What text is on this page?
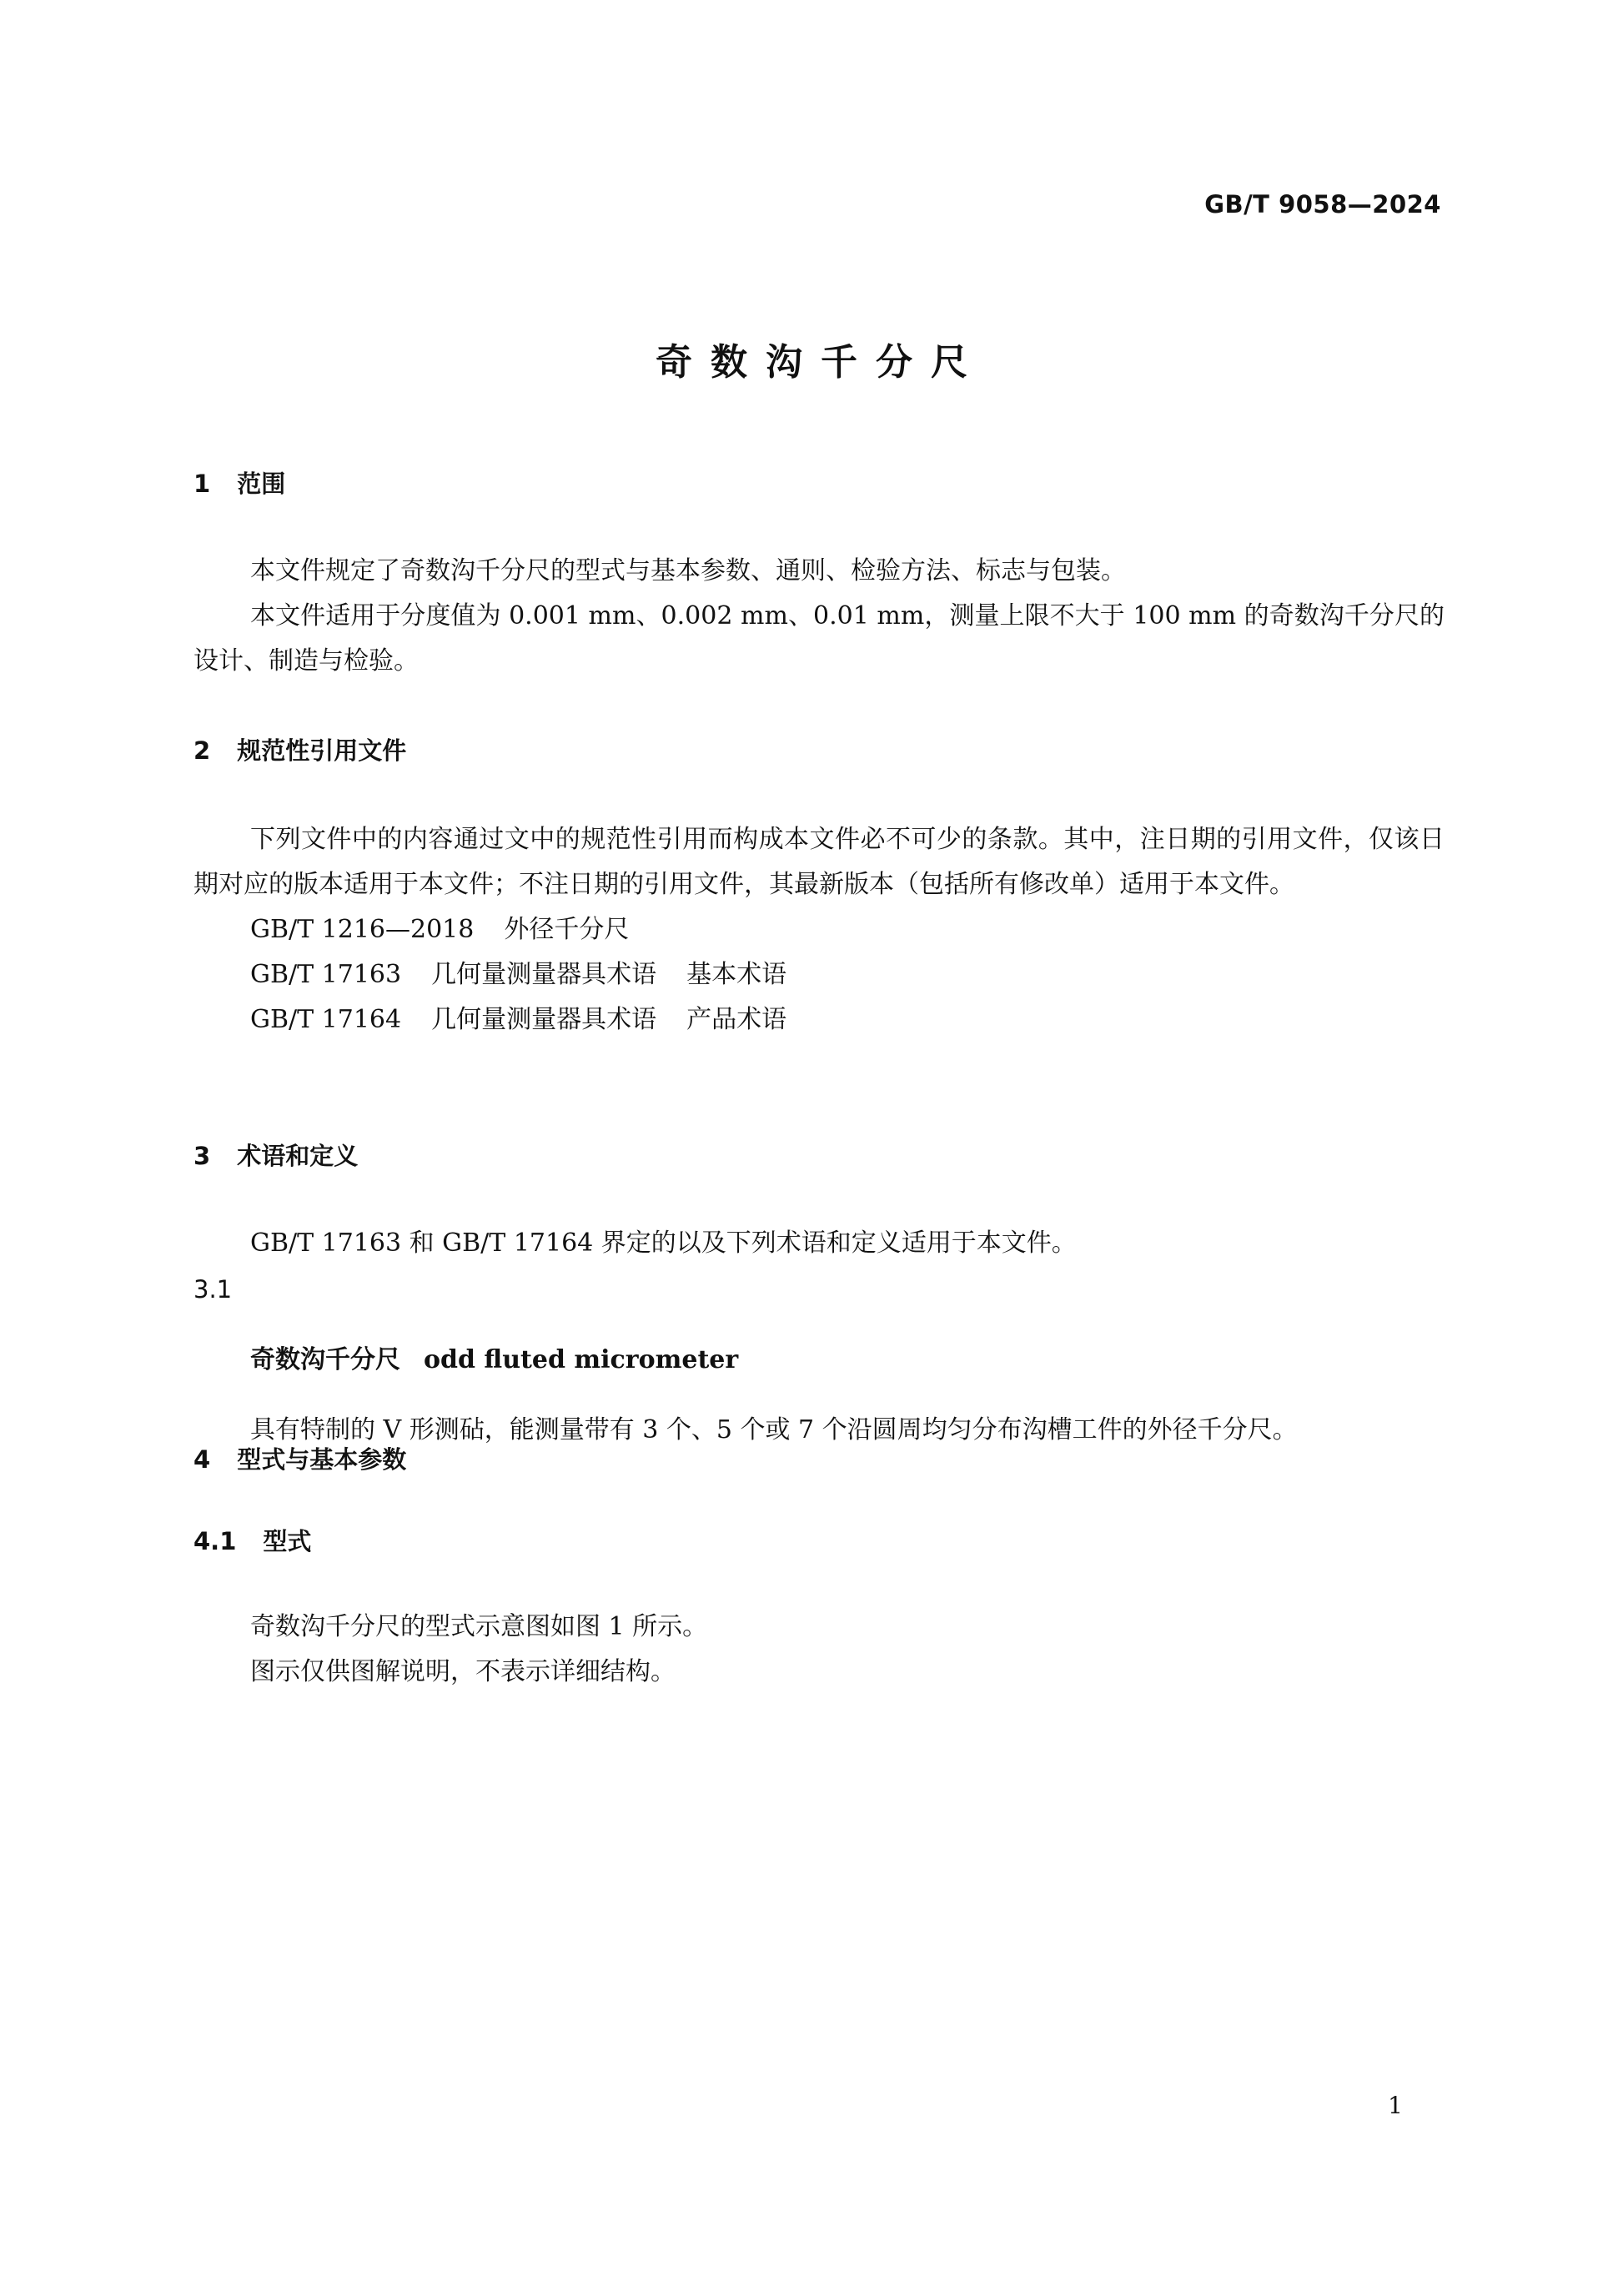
GB/T 9058—2024

奇数沟千分尺
1 范围

本文件规定了奇数沟千分尺的型式与基本参数、通则、检验方法、标志与包装。

本文件适用于分度值为 0.001 mm、0.002 mm、0.01 mm，测量上限不大于 100 mm 的奇数沟千分尺的设计、制造与检验。

2 规范性引用文件

下列文件中的内容通过文中的规范性引用而构成本文件必不可少的条款。其中，注日期的引用文件，仅该日期对应的版本适用于本文件；不注日期的引用文件，其最新版本（包括所有修改单）适用于本文件。

GB/T 1216—2018 外径千分尺

GB/T 17163 几何量测量器具术语 基本术语

GB/T 17164 几何量测量器具术语 产品术语

3 术语和定义

GB/T 17163 和 GB/T 17164 界定的以及下列术语和定义适用于本文件。

3.1

奇数沟千分尺 odd fluted micrometer

具有特制的 V 形测砧，能测量带有 3 个、5 个或 7 个沿圆周均匀分布沟槽工件的外径千分尺。

4 型式与基本参数
4.1 型式

奇数沟千分尺的型式示意图如图 1 所示。

图示仅供图解说明，不表示详细结构。

1
